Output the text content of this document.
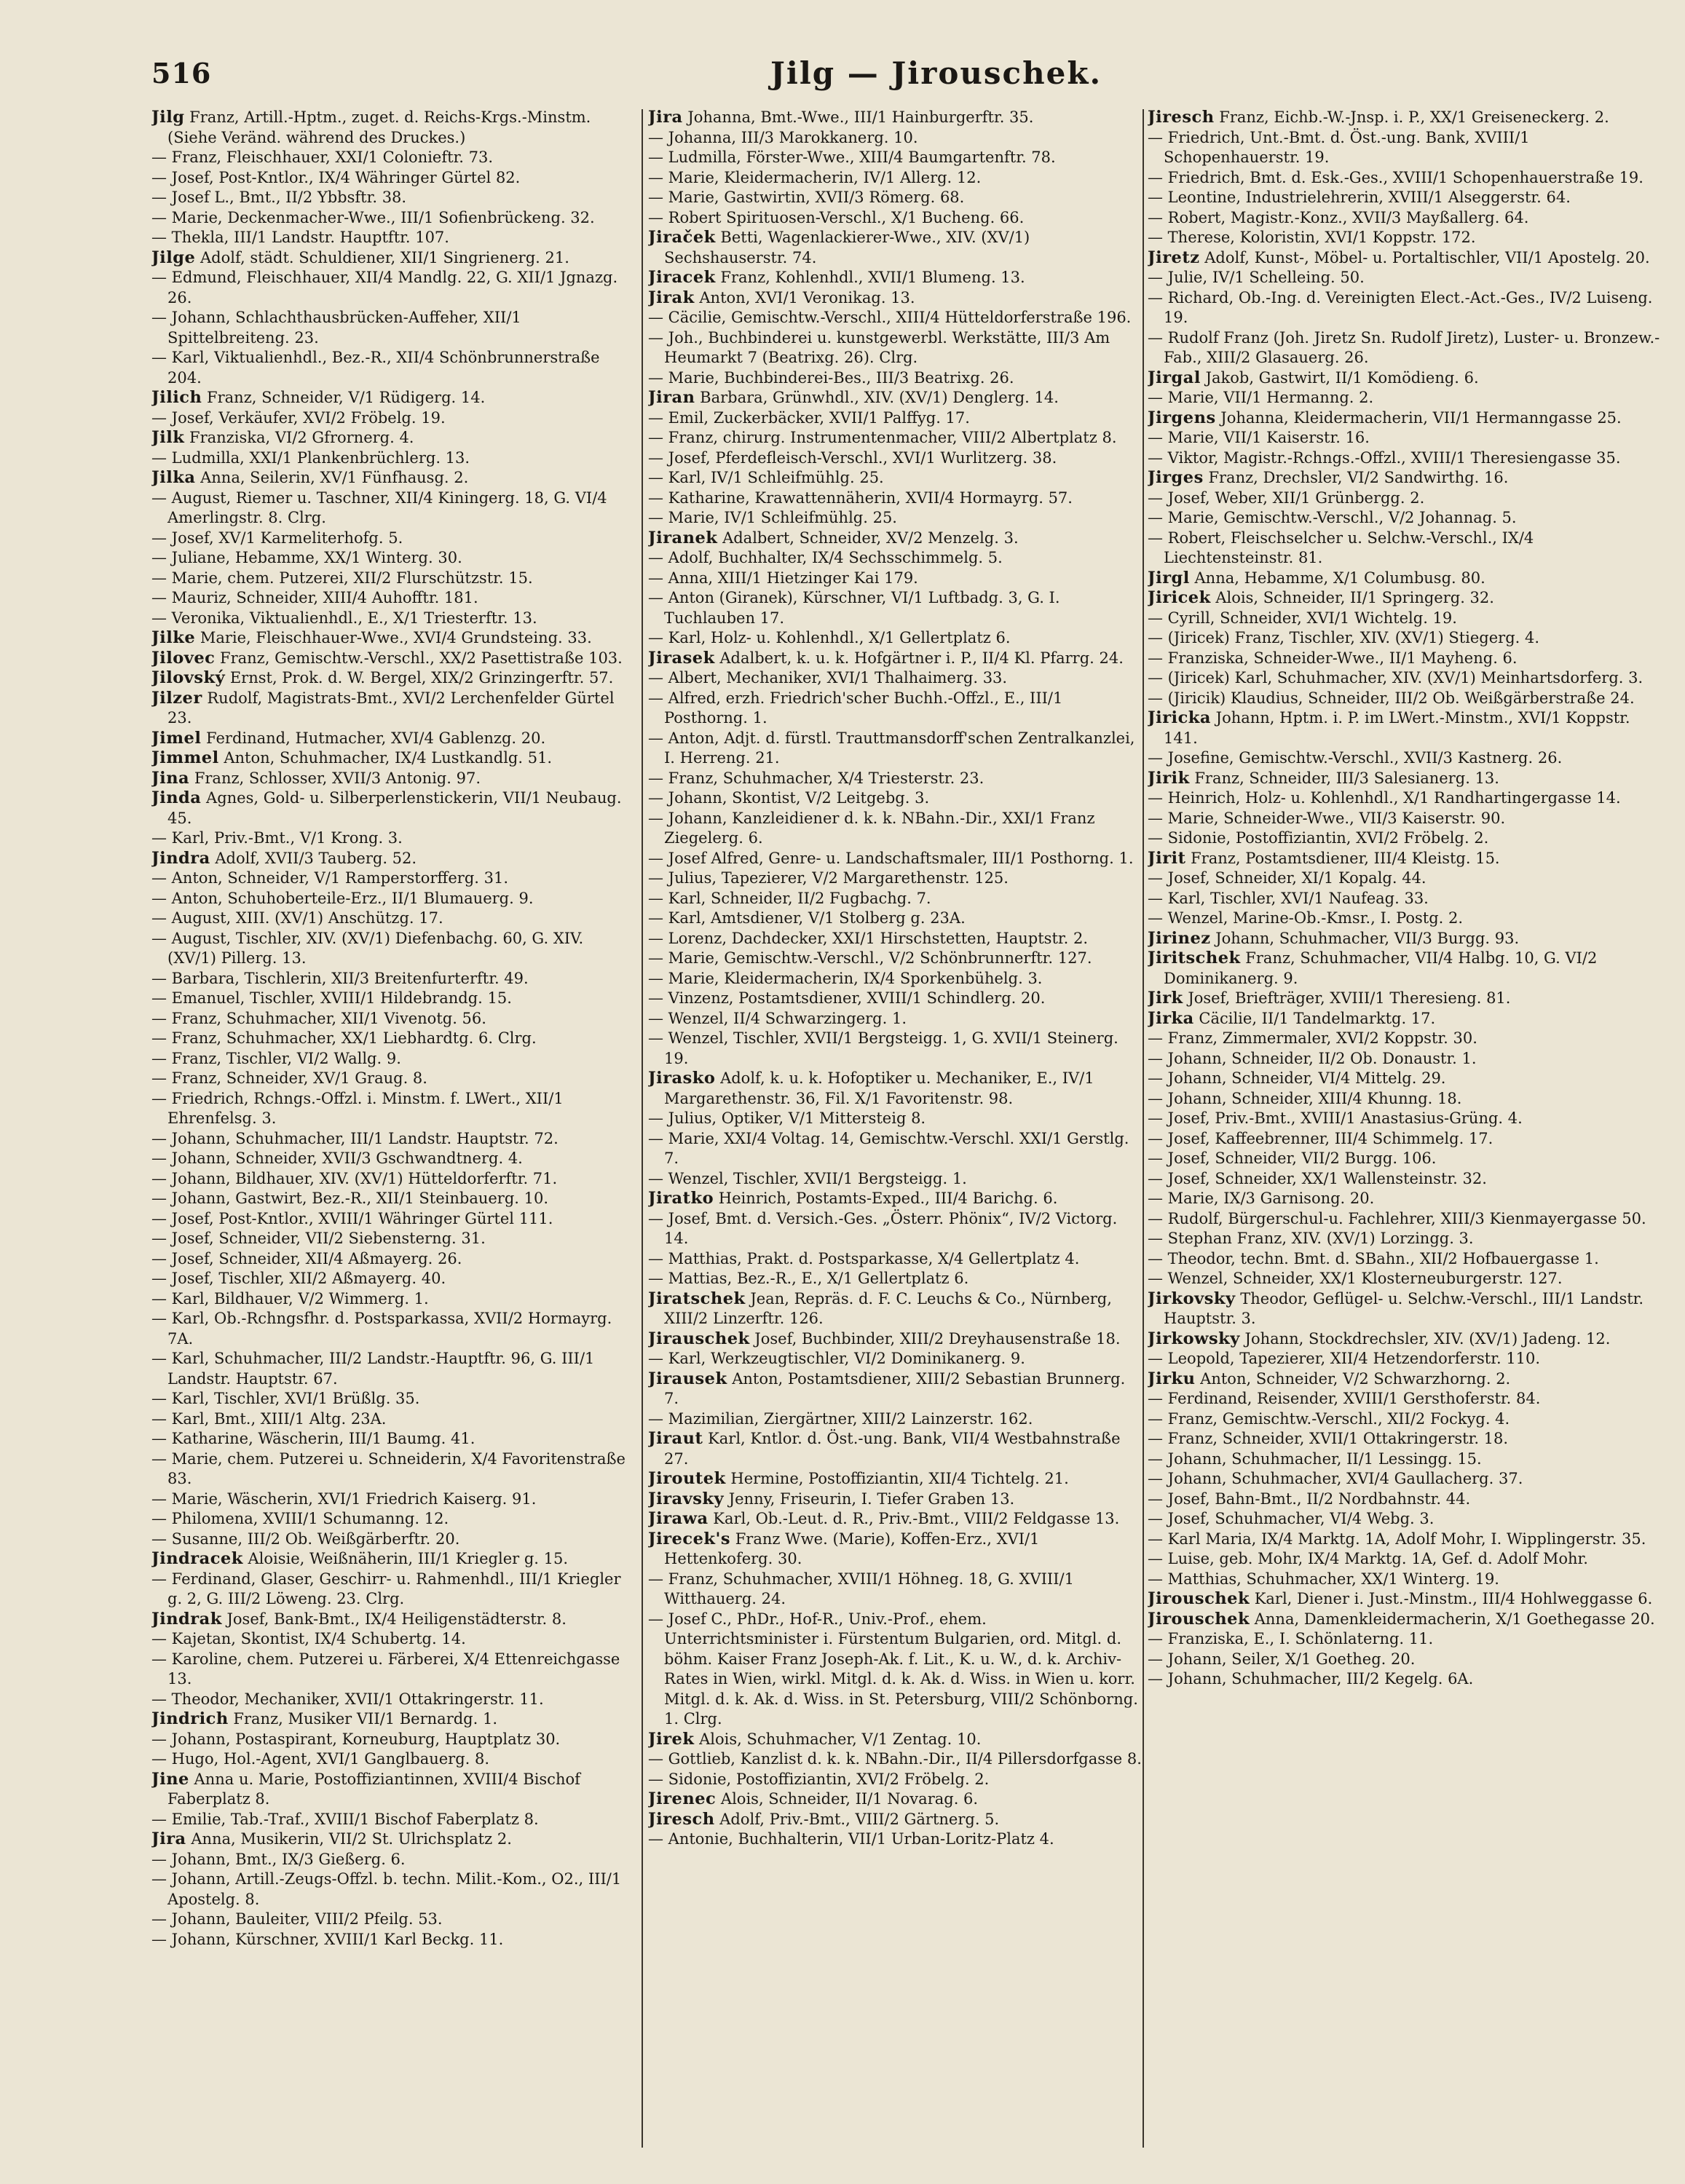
516	Jilg — Jirouschek.

Jilg Franz, Artill.-Hptm., zuget. d. Reichs-Krgs.-Minstm. (Siehe Veränd. während des Druckes.)

— Franz, Fleischhauer, XXI/1 Colonieftr. 73.

— Josef, Post-Kntlor., IX/4 Währinger Gürtel 82.

— Josef L., Bmt., II/2 Ybbsftr. 38.

— Marie, Deckenmacher-Wwe., III/1 Sofienbrückeng. 32.

— Thekla, III/1 Landstr. Hauptftr. 107.

Jilge Adolf, städt. Schuldiener, XII/1 Singrienerg. 21.

— Edmund, Fleischhauer, XII/4 Mandlg. 22, G. XII/1 Jgnazg. 26.

— Johann, Schlachthausbrücken-Auffeher, XII/1 Spittelbreiteng. 23.

— Karl, Viktualienhdl., Bez.-R., XII/4 Schönbrunnerstraße 204.

Jilich Franz, Schneider, V/1 Rüdigerg. 14.

— Josef, Verkäufer, XVI/2 Fröbelg. 19.

Jilk Franziska, VI/2 Gfrornerg. 4.

— Ludmilla, XXI/1 Plankenbrüchlerg. 13.

Jilka Anna, Seilerin, XV/1 Fünfhausg. 2.

— August, Riemer u. Taschner, XII/4 Kiningerg. 18, G. VI/4 Amerlingstr. 8. Clrg.

— Josef, XV/1 Karmeliterhofg. 5.

— Juliane, Hebamme, XX/1 Winterg. 30.

— Marie, chem. Putzerei, XII/2 Flurschützstr. 15.

— Mauriz, Schneider, XIII/4 Auhofftr. 181.

— Veronika, Viktualienhdl., E., X/1 Triesterftr. 13.

Jilke Marie, Fleischhauer-Wwe., XVI/4 Grundsteing. 33.

Jilovec Franz, Gemischtw.-Verschl., XX/2 Pasettistraße 103.

Jilovský Ernst, Prok. d. W. Bergel, XIX/2 Grinzingerftr. 57.

Jilzer Rudolf, Magistrats-Bmt., XVI/2 Lerchenfelder Gürtel 23.

Jimel Ferdinand, Hutmacher, XVI/4 Gablenzg. 20.

Jimmel Anton, Schuhmacher, IX/4 Lustkandlg. 51.

Jina Franz, Schlosser, XVII/3 Antonig. 97.

Jinda Agnes, Gold- u. Silberperlenstickerin, VII/1 Neubaug. 45.

— Karl, Priv.-Bmt., V/1 Krong. 3.

Jindra Adolf, XVII/3 Tauberg. 52.

— Anton, Schneider, V/1 Ramperstorfferg. 31.

— Anton, Schuhoberteile-Erz., II/1 Blumauerg. 9.

— August, XIII. (XV/1) Anschützg. 17.

— August, Tischler, XIV. (XV/1) Diefenbachg. 60, G. XIV. (XV/1) Pillerg. 13.

— Barbara, Tischlerin, XII/3 Breitenfurterftr. 49.

— Emanuel, Tischler, XVIII/1 Hildebrandg. 15.

— Franz, Schuhmacher, XII/1 Vivenotg. 56.

— Franz, Schuhmacher, XX/1 Liebhardtg. 6. Clrg.

— Franz, Tischler, VI/2 Wallg. 9.

— Franz, Schneider, XV/1 Graug. 8.

— Friedrich, Rchngs.-Offzl. i. Minstm. f. LWert., XII/1 Ehrenfelsg. 3.

— Johann, Schuhmacher, III/1 Landstr. Hauptstr. 72.

— Johann, Schneider, XVII/3 Gschwandtnerg. 4.

— Johann, Bildhauer, XIV. (XV/1) Hütteldorferftr. 71.

— Johann, Gastwirt, Bez.-R., XII/1 Steinbauerg. 10.

— Josef, Post-Kntlor., XVIII/1 Währinger Gürtel 111.

— Josef, Schneider, VII/2 Siebensterng. 31.

— Josef, Schneider, XII/4 Aßmayerg. 26.

— Josef, Tischler, XII/2 Aßmayerg. 40.

— Karl, Bildhauer, V/2 Wimmerg. 1.

— Karl, Ob.-Rchngsfhr. d. Postsparkassa, XVII/2 Hormayrg. 7A.

— Karl, Schuhmacher, III/2 Landstr.-Hauptftr. 96, G. III/1 Landstr. Hauptstr. 67.

— Karl, Tischler, XVI/1 Brüßlg. 35.

— Karl, Bmt., XIII/1 Altg. 23A.

— Katharine, Wäscherin, III/1 Baumg. 41.

— Marie, chem. Putzerei u. Schneiderin, X/4 Favoritenstraße 83.

— Marie, Wäscherin, XVI/1 Friedrich Kaiserg. 91.

— Philomena, XVIII/1 Schumanng. 12.

— Susanne, III/2 Ob. Weißgärberftr. 20.

Jindracek Aloisie, Weißnäherin, III/1 Kriegler g. 15.

— Ferdinand, Glaser, Geschirr- u. Rahmenhdl., III/1 Kriegler g. 2, G. III/2 Löweng. 23. Clrg.

Jindrak Josef, Bank-Bmt., IX/4 Heiligenstädterstr. 8.

— Kajetan, Skontist, IX/4 Schubertg. 14.

— Karoline, chem. Putzerei u. Färberei, X/4 Ettenreichgasse 13.

— Theodor, Mechaniker, XVII/1 Ottakringerstr. 11.

Jindrich Franz, Musiker VII/1 Bernardg. 1.

— Johann, Postaspirant, Korneuburg, Hauptplatz 30.

— Hugo, Hol.-Agent, XVI/1 Ganglbauerg. 8.

Jine Anna u. Marie, Postoffiziantinnen, XVIII/4 Bischof Faberplatz 8.

— Emilie, Tab.-Traf., XVIII/1 Bischof Faberplatz 8.

Jira Anna, Musikerin, VII/2 St. Ulrichsplatz 2.

— Johann, Bmt., IX/3 Gießerg. 6.

— Johann, Artill.-Zeugs-Offzl. b. techn. Milit.-Kom., O2., III/1 Apostelg. 8.

— Johann, Bauleiter, VIII/2 Pfeilg. 53.

— Johann, Kürschner, XVIII/1 Karl Beckg. 11.

Jira Johanna, Bmt.-Wwe., III/1 Hainburgerftr. 35.

— Johanna, III/3 Marokkanerg. 10.

— Ludmilla, Förster-Wwe., XIII/4 Baumgartenftr. 78.

— Marie, Kleidermacherin, IV/1 Allerg. 12.

— Marie, Gastwirtin, XVII/3 Römerg. 68.

— Robert Spirituosen-Verschl., X/1 Bucheng. 66.

Jiraček Betti, Wagenlackierer-Wwe., XIV. (XV/1) Sechshauserstr. 74.

Jiracek Franz, Kohlenhdl., XVII/1 Blumeng. 13.

Jirak Anton, XVI/1 Veronikag. 13.

— Cäcilie, Gemischtw.-Verschl., XIII/4 Hütteldorferstraße 196.

— Joh., Buchbinderei u. kunstgewerbl. Werkstätte, III/3 Am Heumarkt 7 (Beatrixg. 26). Clrg.

— Marie, Buchbinderei-Bes., III/3 Beatrixg. 26.

Jiran Barbara, Grünwhdl., XIV. (XV/1) Denglerg. 14.

— Emil, Zuckerbäcker, XVII/1 Palffyg. 17.

— Franz, chirurg. Instrumentenmacher, VIII/2 Albertplatz 8.

— Josef, Pferdefleisch-Verschl., XVI/1 Wurlitzerg. 38.

— Karl, IV/1 Schleifmühlg. 25.

— Katharine, Krawattennäherin, XVII/4 Hormayrg. 57.

— Marie, IV/1 Schleifmühlg. 25.

Jiranek Adalbert, Schneider, XV/2 Menzelg. 3.

— Adolf, Buchhalter, IX/4 Sechsschimmelg. 5.

— Anna, XIII/1 Hietzinger Kai 179.

— Anton (Giranek), Kürschner, VI/1 Luftbadg. 3, G. I. Tuchlauben 17.

— Karl, Holz- u. Kohlenhdl., X/1 Gellertplatz 6.

Jirasek Adalbert, k. u. k. Hofgärtner i. P., II/4 Kl. Pfarrg. 24.

— Albert, Mechaniker, XVI/1 Thalhaimerg. 33.

— Alfred, erzh. Friedrich'scher Buchh.-Offzl., E., III/1 Posthorng. 1.

— Anton, Adjt. d. fürstl. Trauttmansdorff'schen Zentralkanzlei, I. Herreng. 21.

— Franz, Schuhmacher, X/4 Triesterstr. 23.

— Johann, Skontist, V/2 Leitgebg. 3.

— Johann, Kanzleidiener d. k. k. NBahn.-Dir., XXI/1 Franz Ziegelerg. 6.

— Josef Alfred, Genre- u. Landschaftsmaler, III/1 Posthorng. 1.

— Julius, Tapezierer, V/2 Margarethenstr. 125.

— Karl, Schneider, II/2 Fugbachg. 7.

— Karl, Amtsdiener, V/1 Stolberg g. 23A.

— Lorenz, Dachdecker, XXI/1 Hirschstetten, Hauptstr. 2.

— Marie, Gemischtw.-Verschl., V/2 Schönbrunnerftr. 127.

— Marie, Kleidermacherin, IX/4 Sporkenbühelg. 3.

— Vinzenz, Postamtsdiener, XVIII/1 Schindlerg. 20.

— Wenzel, II/4 Schwarzingerg. 1.

— Wenzel, Tischler, XVII/1 Bergsteigg. 1, G. XVII/1 Steinerg. 19.

Jirasko Adolf, k. u. k. Hofoptiker u. Mechaniker, E., IV/1 Margarethenstr. 36, Fil. X/1 Favoritenstr. 98.

— Julius, Optiker, V/1 Mittersteig 8.

— Marie, XXI/4 Voltag. 14, Gemischtw.-Verschl. XXI/1 Gerstlg. 7.

— Wenzel, Tischler, XVII/1 Bergsteigg. 1.

Jiratko Heinrich, Postamts-Exped., III/4 Barichg. 6.

— Josef, Bmt. d. Versich.-Ges. „Österr. Phönix“, IV/2 Victorg. 14.

— Matthias, Prakt. d. Postsparkasse, X/4 Gellertplatz 4.

— Mattias, Bez.-R., E., X/1 Gellertplatz 6.

Jiratschek Jean, Repräs. d. F. C. Leuchs & Co., Nürnberg, XIII/2 Linzerftr. 126.

Jirauschek Josef, Buchbinder, XIII/2 Dreyhausenstraße 18.

— Karl, Werkzeugtischler, VI/2 Dominikanerg. 9.

Jirausek Anton, Postamtsdiener, XIII/2 Sebastian Brunnerg. 7.

— Mazimilian, Ziergärtner, XIII/2 Lainzerstr. 162.

Jiraut Karl, Kntlor. d. Öst.-ung. Bank, VII/4 Westbahnstraße 27.

Jiroutek Hermine, Postoffiziantin, XII/4 Tichtelg. 21.

Jiravsky Jenny, Friseurin, I. Tiefer Graben 13.

Jirawa Karl, Ob.-Leut. d. R., Priv.-Bmt., VIII/2 Feldgasse 13.

Jirecek's Franz Wwe. (Marie), Koffen-Erz., XVI/1 Hettenkoferg. 30.

— Franz, Schuhmacher, XVIII/1 Höhneg. 18, G. XVIII/1 Witthauerg. 24.

— Josef C., PhDr., Hof-R., Univ.-Prof., ehem. Unterrichtsminister i. Fürstentum Bulgarien, ord. Mitgl. d. böhm. Kaiser Franz Joseph-Ak. f. Lit., K. u. W., d. k. Archiv-Rates in Wien, wirkl. Mitgl. d. k. Ak. d. Wiss. in Wien u. korr. Mitgl. d. k. Ak. d. Wiss. in St. Petersburg, VIII/2 Schönborng. 1. Clrg.

Jirek Alois, Schuhmacher, V/1 Zentag. 10.

— Gottlieb, Kanzlist d. k. k. NBahn.-Dir., II/4 Pillersdorfgasse 8.

— Sidonie, Postoffiziantin, XVI/2 Fröbelg. 2.

Jirenec Alois, Schneider, II/1 Novarag. 6.

Jiresch Adolf, Priv.-Bmt., VIII/2 Gärtnerg. 5.

— Antonie, Buchhalterin, VII/1 Urban-Loritz-Platz 4.

Jiresch Franz, Eichb.-W.-Jnsp. i. P., XX/1 Greiseneckerg. 2.

— Friedrich, Unt.-Bmt. d. Öst.-ung. Bank, XVIII/1 Schopenhauerstr. 19.

— Friedrich, Bmt. d. Esk.-Ges., XVIII/1 Schopenhauerstraße 19.

— Leontine, Industrielehrerin, XVIII/1 Alseggerstr. 64.

— Robert, Magistr.-Konz., XVII/3 Mayßallerg. 64.

— Therese, Koloristin, XVI/1 Koppstr. 172.

Jiretz Adolf, Kunst-, Möbel- u. Portaltischler, VII/1 Apostelg. 20.

— Julie, IV/1 Schelleing. 50.

— Richard, Ob.-Ing. d. Vereinigten Elect.-Act.-Ges., IV/2 Luiseng. 19.

— Rudolf Franz (Joh. Jiretz Sn. Rudolf Jiretz), Luster- u. Bronzew.-Fab., XIII/2 Glasauerg. 26.

Jirgal Jakob, Gastwirt, II/1 Komödieng. 6.

— Marie, VII/1 Hermanng. 2.

Jirgens Johanna, Kleidermacherin, VII/1 Hermanngasse 25.

— Marie, VII/1 Kaiserstr. 16.

— Viktor, Magistr.-Rchngs.-Offzl., XVIII/1 Theresiengasse 35.

Jirges Franz, Drechsler, VI/2 Sandwirthg. 16.

— Josef, Weber, XII/1 Grünbergg. 2.

— Marie, Gemischtw.-Verschl., V/2 Johannag. 5.

— Robert, Fleischselcher u. Selchw.-Verschl., IX/4 Liechtensteinstr. 81.

Jirgl Anna, Hebamme, X/1 Columbusg. 80.

Jiricek Alois, Schneider, II/1 Springerg. 32.

— Cyrill, Schneider, XVI/1 Wichtelg. 19.

— (Jiricek) Franz, Tischler, XIV. (XV/1) Stiegerg. 4.

— Franziska, Schneider-Wwe., II/1 Mayheng. 6.

— (Jiricek) Karl, Schuhmacher, XIV. (XV/1) Meinhartsdorferg. 3.

— (Jiricik) Klaudius, Schneider, III/2 Ob. Weißgärberstraße 24.

Jiricka Johann, Hptm. i. P. im LWert.-Minstm., XVI/1 Koppstr. 141.

— Josefine, Gemischtw.-Verschl., XVII/3 Kastnerg. 26.

Jirik Franz, Schneider, III/3 Salesianerg. 13.

— Heinrich, Holz- u. Kohlenhdl., X/1 Randhartingergasse 14.

— Marie, Schneider-Wwe., VII/3 Kaiserstr. 90.

— Sidonie, Postoffiziantin, XVI/2 Fröbelg. 2.

Jirit Franz, Postamtsdiener, III/4 Kleistg. 15.

— Josef, Schneider, XI/1 Kopalg. 44.

— Karl, Tischler, XVI/1 Naufeag. 33.

— Wenzel, Marine-Ob.-Kmsr., I. Postg. 2.

Jirinez Johann, Schuhmacher, VII/3 Burgg. 93.

Jiritschek Franz, Schuhmacher, VII/4 Halbg. 10, G. VI/2 Dominikanerg. 9.

Jirk Josef, Briefträger, XVIII/1 Theresieng. 81.

Jirka Cäcilie, II/1 Tandelmarktg. 17.

— Franz, Zimmermaler, XVI/2 Koppstr. 30.

— Johann, Schneider, II/2 Ob. Donaustr. 1.

— Johann, Schneider, VI/4 Mittelg. 29.

— Johann, Schneider, XIII/4 Khunng. 18.

— Josef, Priv.-Bmt., XVIII/1 Anastasius-Grüng. 4.

— Josef, Kaffeebrenner, III/4 Schimmelg. 17.

— Josef, Schneider, VII/2 Burgg. 106.

— Josef, Schneider, XX/1 Wallensteinstr. 32.

— Marie, IX/3 Garnisong. 20.

— Rudolf, Bürgerschul-u. Fachlehrer, XIII/3 Kienmayergasse 50.

— Stephan Franz, XIV. (XV/1) Lorzingg. 3.

— Theodor, techn. Bmt. d. SBahn., XII/2 Hofbauergasse 1.

— Wenzel, Schneider, XX/1 Klosterneuburgerstr. 127.

Jirkovsky Theodor, Geflügel- u. Selchw.-Verschl., III/1 Landstr. Hauptstr. 3.

Jirkowsky Johann, Stockdrechsler, XIV. (XV/1) Jadeng. 12.

— Leopold, Tapezierer, XII/4 Hetzendorferstr. 110.

Jirku Anton, Schneider, V/2 Schwarzhorng. 2.

— Ferdinand, Reisender, XVIII/1 Gersthoferstr. 84.

— Franz, Gemischtw.-Verschl., XII/2 Fockyg. 4.

— Franz, Schneider, XVII/1 Ottakringerstr. 18.

— Johann, Schuhmacher, II/1 Lessingg. 15.

— Johann, Schuhmacher, XVI/4 Gaullacherg. 37.

— Josef, Bahn-Bmt., II/2 Nordbahnstr. 44.

— Josef, Schuhmacher, VI/4 Webg. 3.

— Karl Maria, IX/4 Marktg. 1A, Adolf Mohr, I. Wipplingerstr. 35.

— Luise, geb. Mohr, IX/4 Marktg. 1A, Gef. d. Adolf Mohr.

— Matthias, Schuhmacher, XX/1 Winterg. 19.

Jirouschek Karl, Diener i. Just.-Minstm., III/4 Hohlweggasse 6.

Jirouschek Anna, Damenkleidermacherin, X/1 Goethegasse 20.

— Franziska, E., I. Schönlaterng. 11.

— Johann, Seiler, X/1 Goetheg. 20.

— Johann, Schuhmacher, III/2 Kegelg. 6A.
